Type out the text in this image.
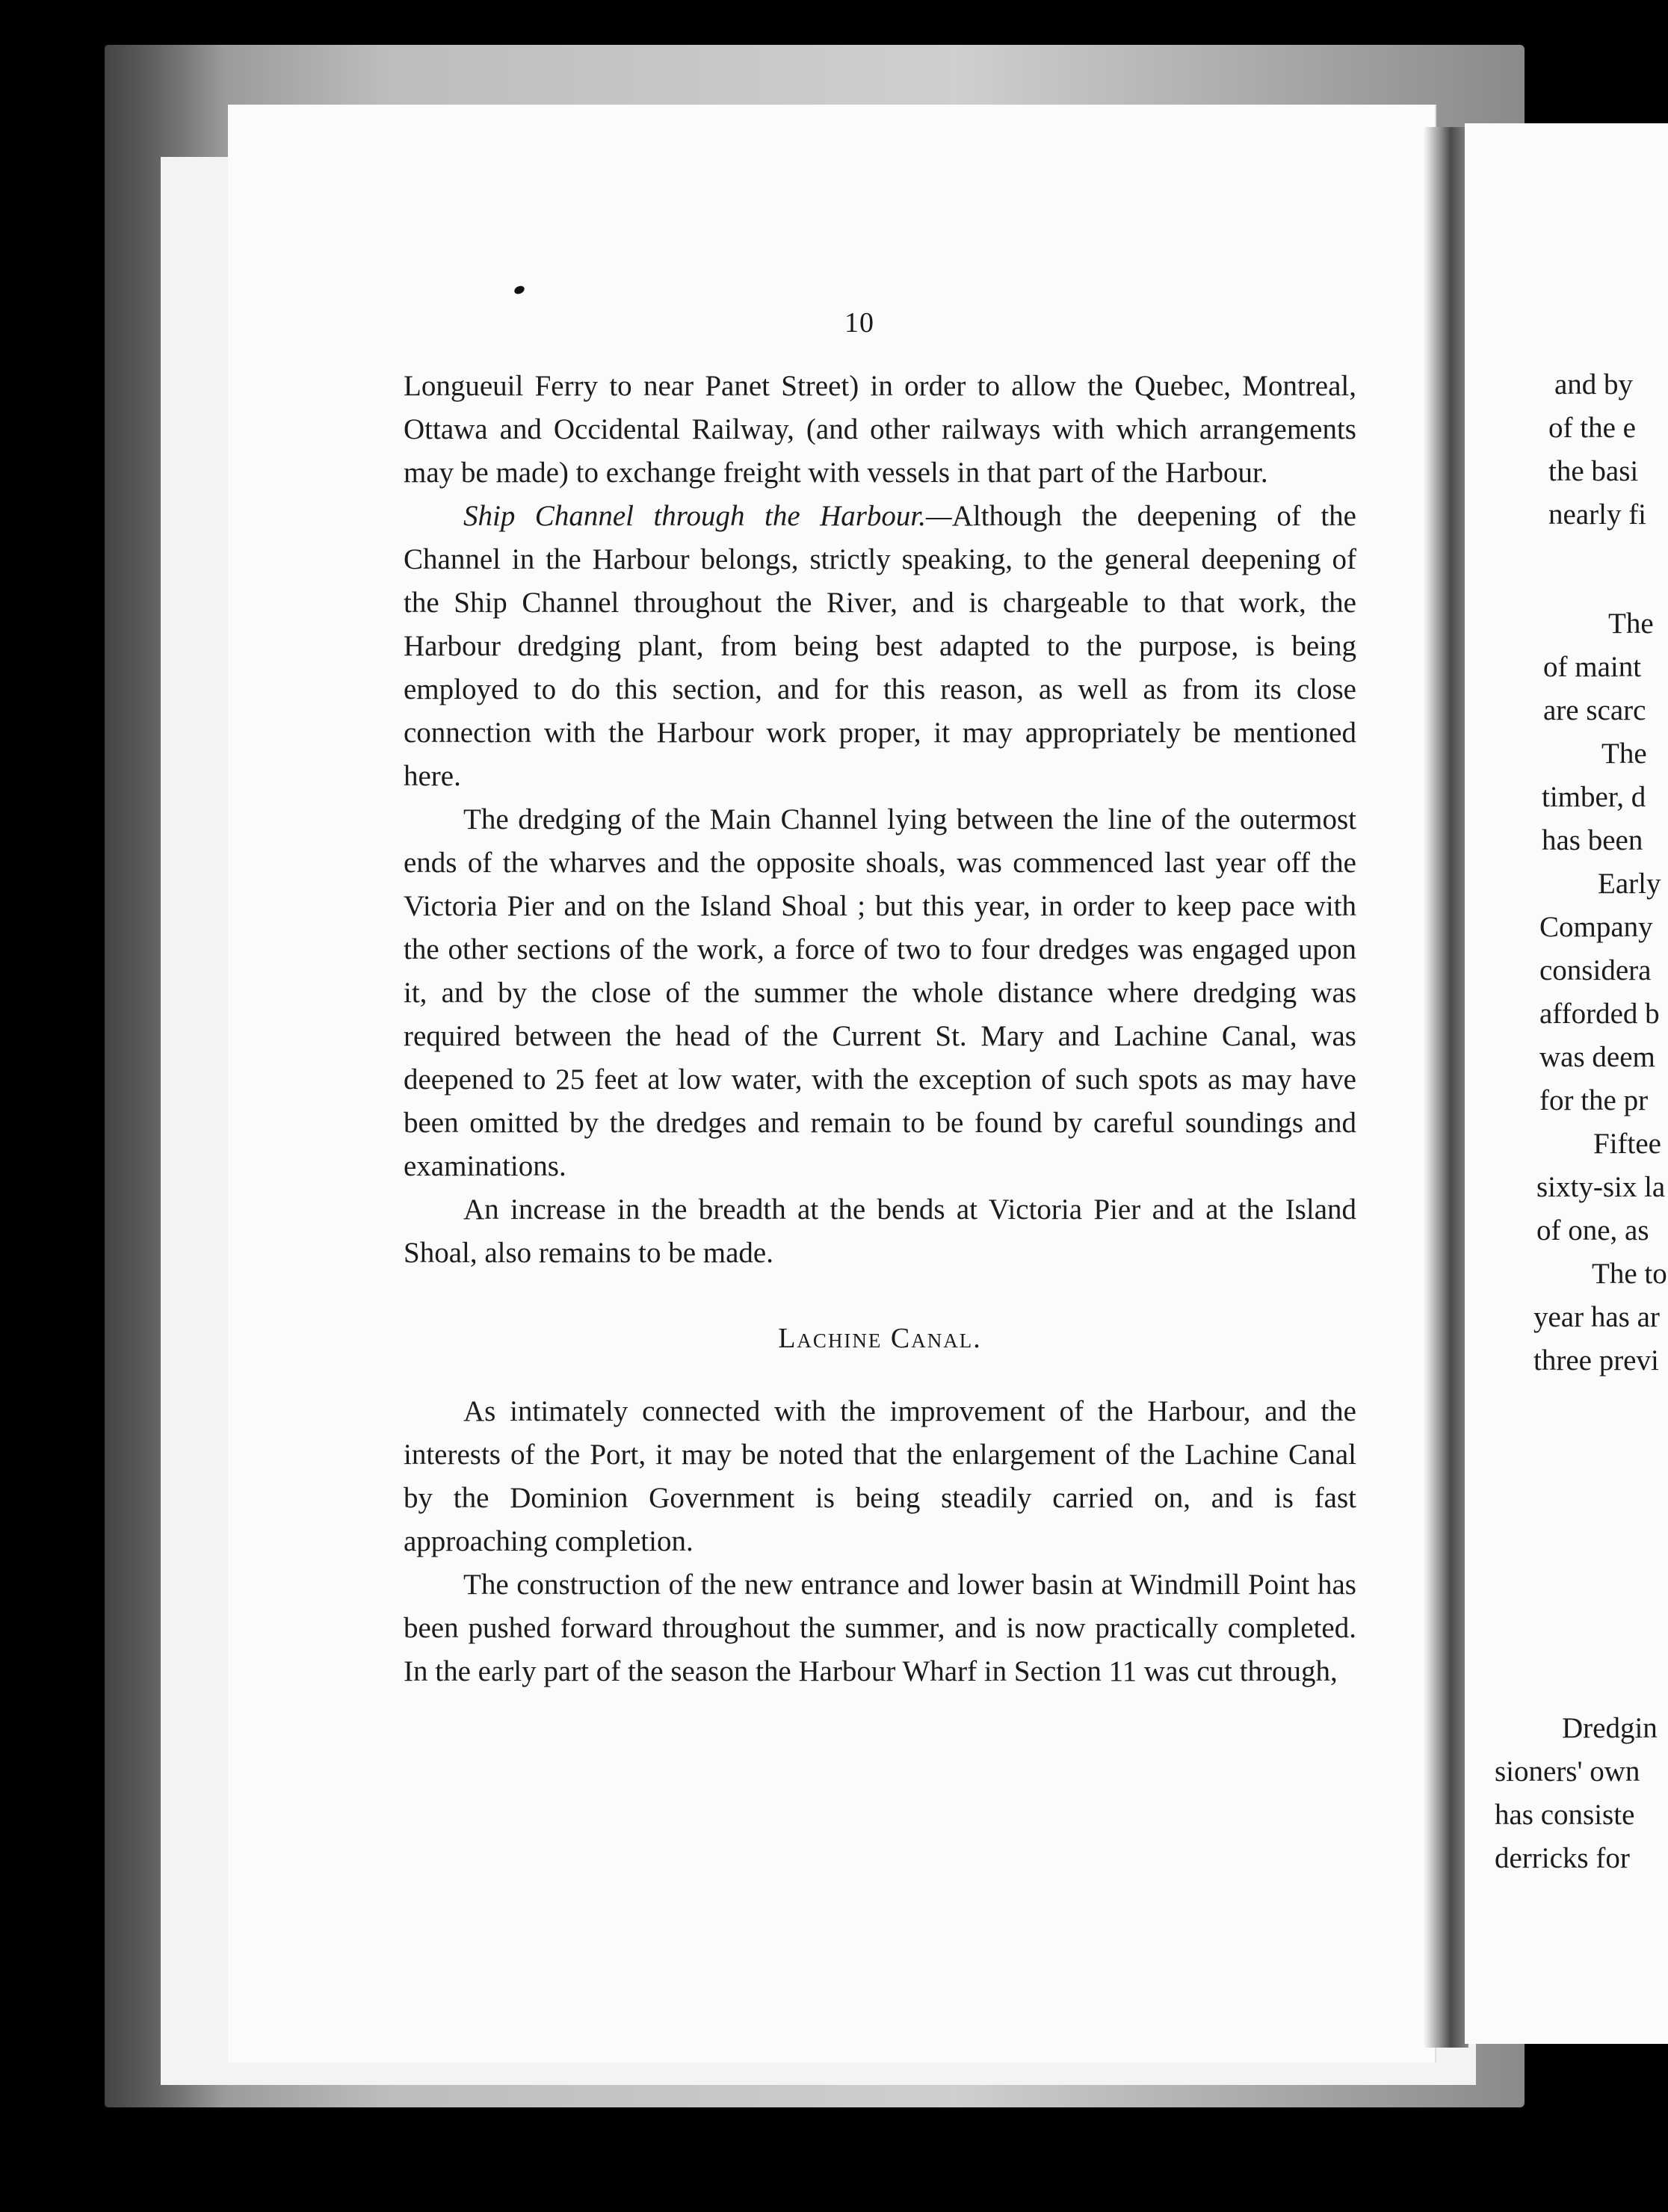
10

Longueuil Ferry to near Panet Street) in order to allow the Quebec, Montreal, Ottawa and Occidental Railway, (and other railways with which arrangements may be made) to exchange freight with vessels in that part of the Harbour.

Ship Channel through the Harbour.—Although the deepening of the Channel in the Harbour belongs, strictly speaking, to the general deepening of the Ship Channel throughout the River, and is chargeable to that work, the Harbour dredging plant, from being best adapted to the purpose, is being employed to do this section, and for this reason, as well as from its close connection with the Harbour work proper, it may appropriately be mentioned here.

The dredging of the Main Channel lying between the line of the outermost ends of the wharves and the opposite shoals, was commenced last year off the Victoria Pier and on the Island Shoal ; but this year, in order to keep pace with the other sections of the work, a force of two to four dredges was engaged upon it, and by the close of the summer the whole distance where dredging was required between the head of the Current St. Mary and Lachine Canal, was deepened to 25 feet at low water, with the exception of such spots as may have been omitted by the dredges and remain to be found by careful soundings and examinations.

An increase in the breadth at the bends at Victoria Pier and at the Island Shoal, also remains to be made.

Lachine Canal.

As intimately connected with the improvement of the Harbour, and the interests of the Port, it may be noted that the enlargement of the Lachine Canal by the Dominion Government is being steadily carried on, and is fast approaching completion.

The construction of the new entrance and lower basin at Windmill Point has been pushed forward throughout the summer, and is now practically completed. In the early part of the season the Harbour Wharf in Section 11 was cut through,

and by
of the e
the basi
nearly fi
The
of maint
are scarc
The
timber, d
has been
Early
Company
considera
afforded b
was deem
for the pr
Fiftee
sixty-six la
of one, as
The to
year has ar
three previ
Dredgin
sioners' own
has consiste
derricks for
